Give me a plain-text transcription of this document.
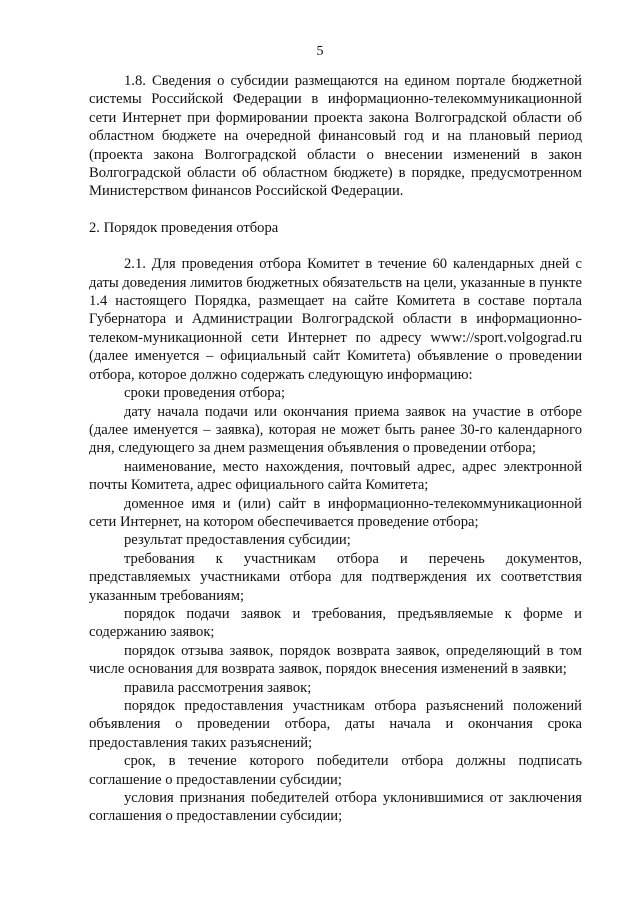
5

1.8. Сведения о субсидии размещаются на едином портале бюджетной системы Российской Федерации в информационно-телекоммуникационной сети Интернет при формировании проекта закона Волгоградской области об областном бюджете на очередной финансовый год и на плановый период (проекта закона Волгоградской области о внесении изменений в закон Волгоградской области об областном бюджете) в порядке, предусмотренном Министерством финансов Российской Федерации.

2. Порядок проведения отбора

2.1. Для проведения отбора Комитет в течение 60 календарных дней с даты доведения лимитов бюджетных обязательств на цели, указанные в пункте 1.4 настоящего Порядка, размещает на сайте Комитета в составе портала Губернатора и Администрации Волгоградской области в информационно-телеком-муникационной сети Интернет по адресу www://sport.volgograd.ru (далее именуется – официальный сайт Комитета) объявление о проведении отбора, которое должно содержать следующую информацию:

сроки проведения отбора;

дату начала подачи или окончания приема заявок на участие в отборе (далее именуется – заявка), которая не может быть ранее 30-го календарного дня, следующего за днем размещения объявления о проведении отбора;

наименование, место нахождения, почтовый адрес, адрес электронной почты Комитета, адрес официального сайта Комитета;

доменное имя и (или) сайт в информационно-телекоммуникационной сети Интернет, на котором обеспечивается проведение отбора;

результат предоставления субсидии;

требования к участникам отбора и перечень документов, представляемых участниками отбора для подтверждения их соответствия указанным требованиям;

порядок подачи заявок и требования, предъявляемые к форме и содержанию заявок;

порядок отзыва заявок, порядок возврата заявок, определяющий в том числе основания для возврата заявок, порядок внесения изменений в заявки;

правила рассмотрения заявок;

порядок предоставления участникам отбора разъяснений положений объявления о проведении отбора, даты начала и окончания срока предоставления таких разъяснений;

срок, в течение которого победители отбора должны подписать соглашение о предоставлении субсидии;

условия признания победителей отбора уклонившимися от заключения соглашения о предоставлении субсидии;
